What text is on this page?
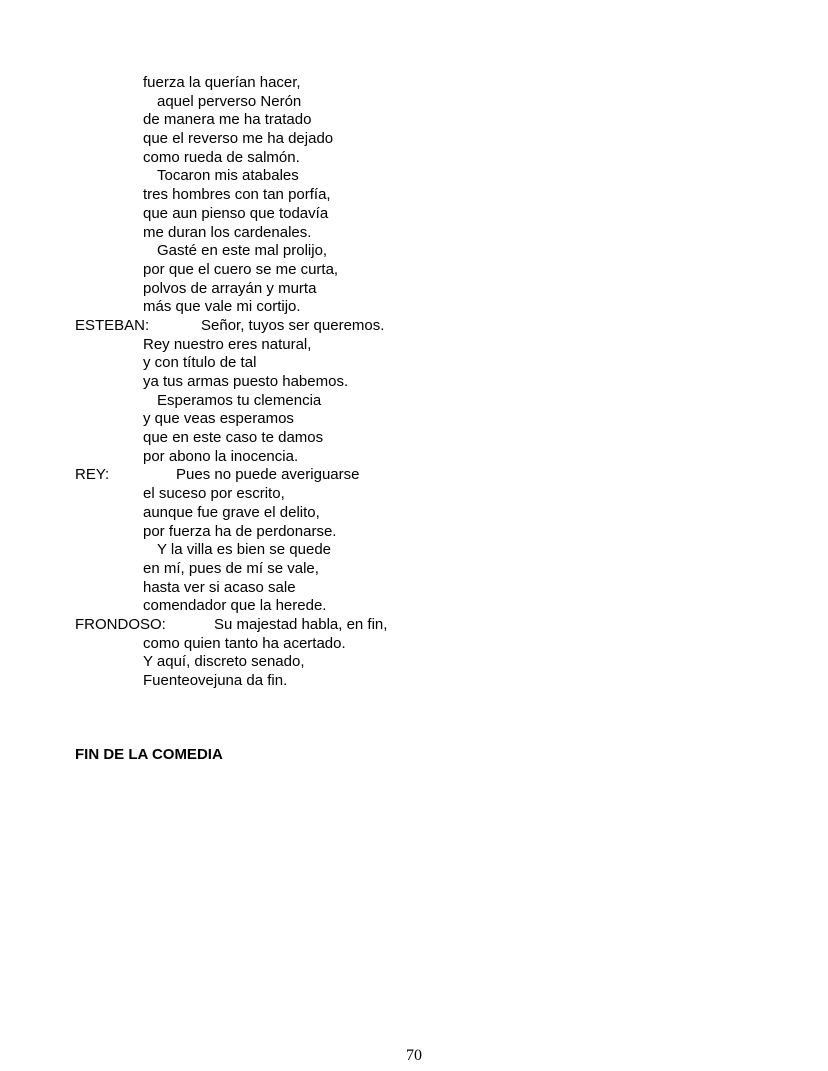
fuerza la querían hacer,
aquel perverso Nerón
de manera me ha tratado
que el reverso me ha dejado
como rueda de salmón.
Tocaron mis atabales
tres hombres con tan porfía,
que aun pienso que todavía
me duran los cardenales.
Gasté en este mal prolijo,
por que el cuero se me curta,
polvos de arrayán y murta
más que vale mi cortijo.
ESTEBAN:	Señor, tuyos ser queremos.
Rey nuestro eres natural,
y con título de tal
ya tus armas puesto habemos.
Esperamos tu clemencia
y que veas esperamos
que en este caso te damos
por abono la inocencia.
REY:	Pues no puede averiguarse
el suceso por escrito,
aunque fue grave el delito,
por fuerza ha de perdonarse.
Y la villa es bien se quede
en mí, pues de mí se vale,
hasta ver si acaso sale
comendador que la herede.
FRONDOSO:	Su majestad habla, en fin,
como quien tanto ha acertado.
Y aquí, discreto senado,
Fuenteovejuna da fin.
FIN DE LA COMEDIA
70
